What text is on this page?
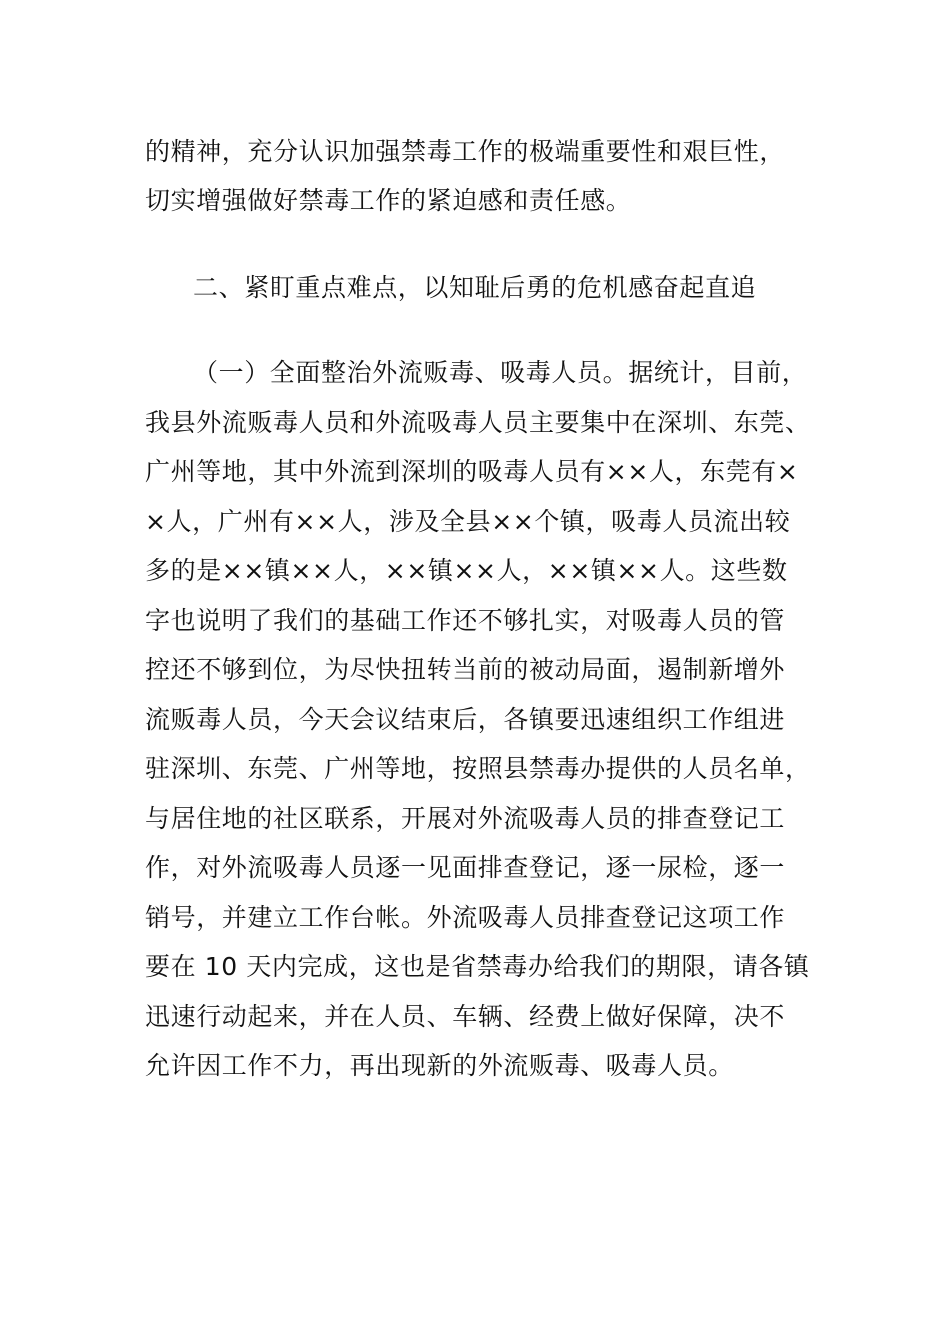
的精神，充分认识加强禁毒工作的极端重要性和艰巨性，
切实增强做好禁毒工作的紧迫感和责任感。
二、紧盯重点难点，以知耻后勇的危机感奋起直追
（一）全面整治外流贩毒、吸毒人员。据统计，目前，
我县外流贩毒人员和外流吸毒人员主要集中在深圳、东莞、
广州等地，其中外流到深圳的吸毒人员有××人，东莞有×
×人，广州有××人，涉及全县××个镇，吸毒人员流出较
多的是××镇××人，××镇××人，××镇××人。这些数
字也说明了我们的基础工作还不够扎实，对吸毒人员的管
控还不够到位，为尽快扭转当前的被动局面，遏制新增外
流贩毒人员，今天会议结束后，各镇要迅速组织工作组进
驻深圳、东莞、广州等地，按照县禁毒办提供的人员名单，
与居住地的社区联系，开展对外流吸毒人员的排查登记工
作，对外流吸毒人员逐一见面排查登记，逐一尿检，逐一
销号，并建立工作台帐。外流吸毒人员排查登记这项工作
要在 10 天内完成，这也是省禁毒办给我们的期限，请各镇
迅速行动起来，并在人员、车辆、经费上做好保障，决不
允许因工作不力，再出现新的外流贩毒、吸毒人员。
